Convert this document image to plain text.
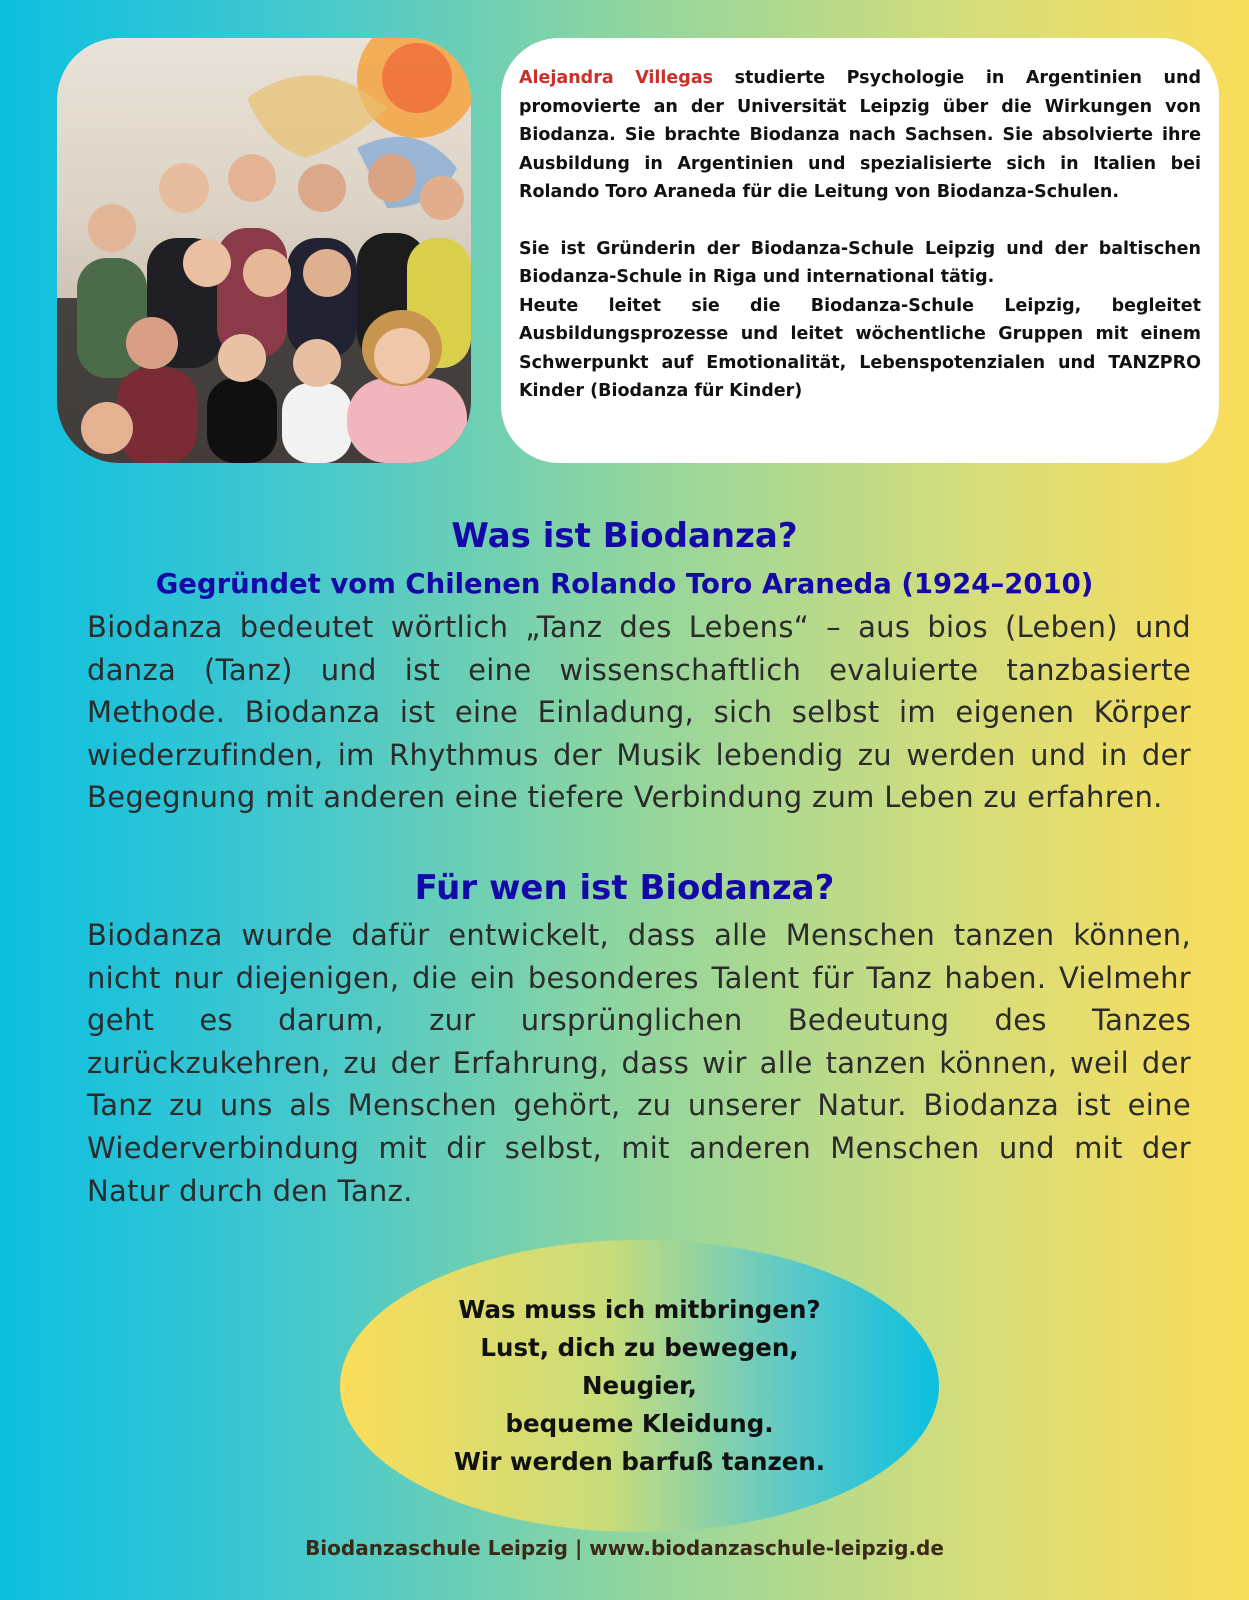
Alejandra Villegas studierte Psychologie in Argentinien und promovierte an der Universität Leipzig über die Wirkungen von Biodanza. Sie brachte Biodanza nach Sachsen. Sie absolvierte ihre Ausbildung in Argentinien und spezialisierte sich in Italien bei Rolando Toro Araneda für die Leitung von Biodanza-Schulen.

Sie ist Gründerin der Biodanza-Schule Leipzig und der baltischen Biodanza-Schule in Riga und international tätig.

Heute leitet sie die Biodanza-Schule Leipzig, begleitet Ausbildungsprozesse und leitet wöchentliche Gruppen mit einem Schwerpunkt auf Emotionalität, Lebenspotenzialen und TANZPRO Kinder (Biodanza für Kinder)

Was ist Biodanza?
Gegründet vom Chilenen Rolando Toro Araneda (1924–2010)

Biodanza bedeutet wörtlich „Tanz des Lebens“ – aus bios (Leben) und danza (Tanz) und ist eine wissenschaftlich evaluierte tanzbasierte Methode. Biodanza ist eine Einladung, sich selbst im eigenen Körper wiederzufinden, im Rhythmus der Musik lebendig zu werden und in der Begegnung mit anderen eine tiefere Verbindung zum Leben zu erfahren.

Für wen ist Biodanza?

Biodanza wurde dafür entwickelt, dass alle Menschen tanzen können, nicht nur diejenigen, die ein besonderes Talent für Tanz haben. Vielmehr geht es darum, zur ursprünglichen Bedeutung des Tanzes zurückzukehren, zu der Erfahrung, dass wir alle tanzen können, weil der Tanz zu uns als Menschen gehört, zu unserer Natur. Biodanza ist eine Wiederverbindung mit dir selbst, mit anderen Menschen und mit der Natur durch den Tanz.

Was muss ich mitbringen?
Lust, dich zu bewegen,
Neugier,
bequeme Kleidung.
Wir werden barfuß tanzen.

Biodanzaschule Leipzig | www.biodanzaschule-leipzig.de
